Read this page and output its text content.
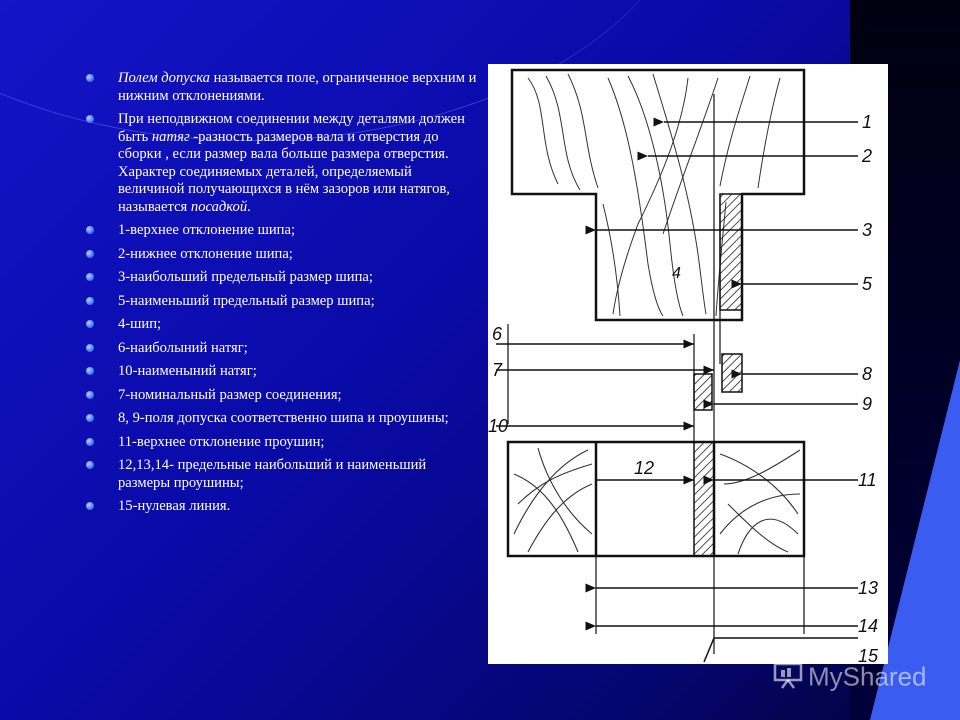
Полем допуска называется поле, ограниченное верхним и нижним отклонениями.
При неподвижном соединении между деталями должен быть натяг -разность размеров вала и отверстия до сборки , если размер вала больше размера отверстия. Характер соединяемых деталей, определяемый величиной получающихся в нём зазоров или натягов, называется посадкой.
1-верхнее отклонение шипа;
2-нижнее отклонение шипа;
3-наибольший предельный размер шипа;
5-наименьший предельный размер шипа;
4-шип;
6-наиболыний натяг;
10-наименыний натяг;
7-номинальный размер соединения;
8, 9-поля допуска соответственно шипа и проушины;
11-верхнее отклонение проушин;
12,13,14- предельные наибольший и наименьший размеры проушины;
15-нулевая линия.
1
2
3
5
6
7	8
9
10
11
12
13
14
15
4
MyShared
